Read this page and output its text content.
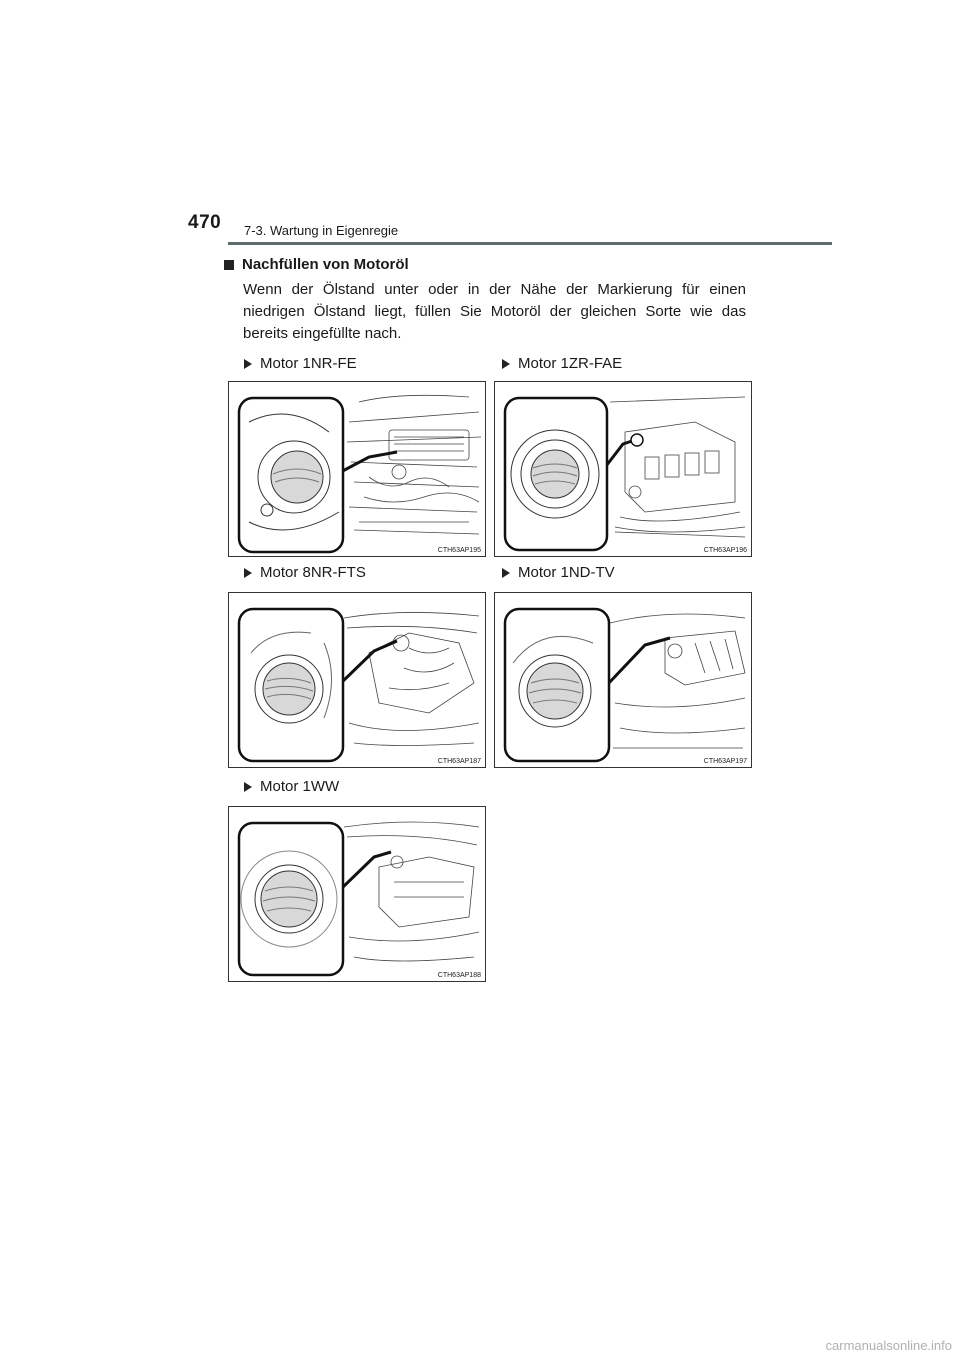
470 7-3. Wartung in Eigenregie
Nachfüllen von Motoröl
Wenn der Ölstand unter oder in der Nähe der Markierung für einen niedrigen Ölstand liegt, füllen Sie Motoröl der gleichen Sorte wie das bereits eingefüllte nach.
Motor 1NR-FE
CTH63AP195
Motor 1ZR-FAE
CTH63AP196
Motor 8NR-FTS
CTH63AP187
Motor 1ND-TV
CTH63AP197
Motor 1WW
CTH63AP188
carmanualsonline.info
